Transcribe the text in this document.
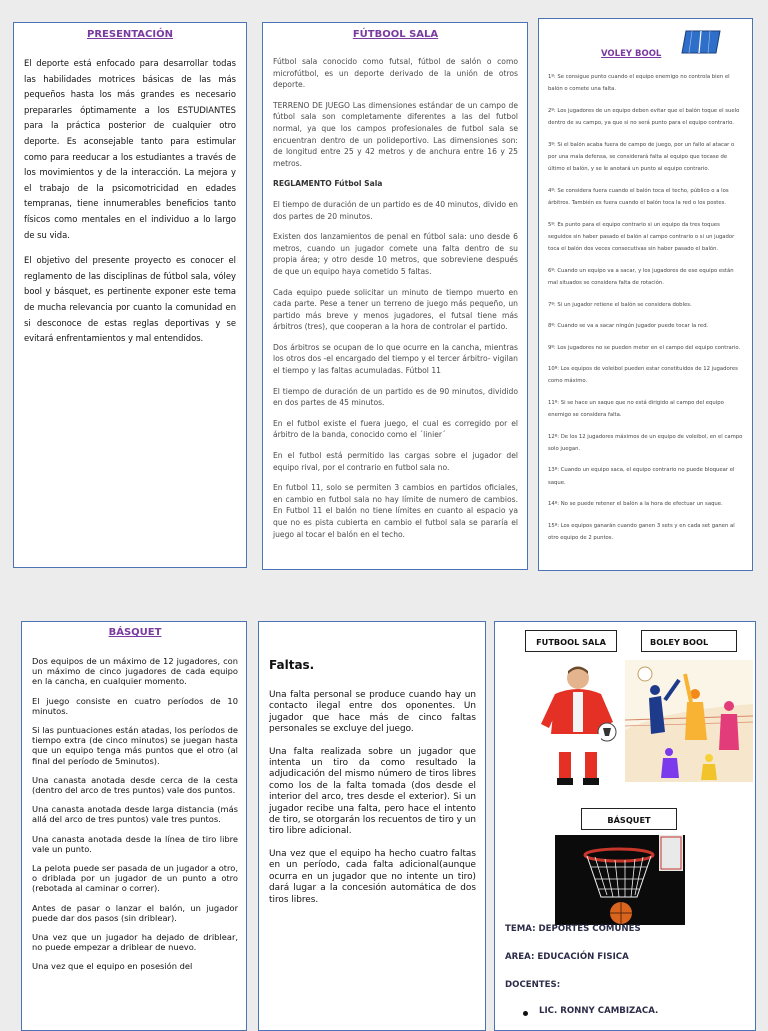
PRESENTACIÓN

El deporte está enfocado para desarrollar todas las habilidades motrices básicas de las más pequeños hasta los más grandes es necesario prepararles óptimamente a los ESTUDIANTES para la práctica posterior de cualquier otro deporte. Es aconsejable tanto para estimular como para reeducar a los estudiantes a través de los movimientos y de la interacción. La mejora y el trabajo de la psicomotricidad en edades tempranas, tiene innumerables beneficios tanto físicos como mentales en el individuo a lo largo de su vida.

El objetivo del presente proyecto es conocer el reglamento de las disciplinas de fútbol sala, vóley bool y básquet, es pertinente exponer este tema de mucha relevancia por cuanto la comunidad en si desconoce de estas reglas deportivas y se evitará enfrentamientos y mal entendidos.

FÚTBOOL SALA

Fútbol sala conocido como futsal, fútbol de salón o como microfútbol, es un deporte derivado de la unión de otros deporte.

TERRENO DE JUEGO Las dimensiones estándar de un campo de fútbol sala son completamente diferentes a las del futbol normal, ya que los campos profesionales de futbol sala se encuentran dentro de un polideportivo. Las dimensiones son: de longitud entre 25 y 42 metros y de anchura entre 16 y 25 metros.

REGLAMENTO Fútbol Sala

El tiempo de duración de un partido es de 40 minutos, divido en dos partes de 20 minutos.

Existen dos lanzamientos de penal en fútbol sala: uno desde 6 metros, cuando un jugador comete una falta dentro de su propia área; y otro desde 10 metros, que sobreviene después de que un equipo haya cometido 5 faltas.

Cada equipo puede solicitar un minuto de tiempo muerto en cada parte. Pese a tener un terreno de juego más pequeño, un partido más breve y menos jugadores, el futsal tiene más árbitros (tres), que cooperan a la hora de controlar el partido.

Dos árbitros se ocupan de lo que ocurre en la cancha, mientras los otros dos -el encargado del tiempo y el tercer árbitro- vigilan el tiempo y las faltas acumuladas. Fútbol 11

El tiempo de duración de un partido es de 90 minutos, dividido en dos partes de 45 minutos.

En el futbol existe el fuera juego, el cual es corregido por el árbitro de la banda, conocido como el ´linier´

En el futbol está permitido las cargas sobre el jugador del equipo rival, por el contrario en futbol sala no.

En futbol 11, solo se permiten 3 cambios en partidos oficiales, en cambio en futbol sala no hay límite de numero de cambios. En Futbol 11 el balón no tiene límites en cuanto al espacio ya que no es pista cubierta en cambio el futbol sala se pararía el juego al tocar el balón en el techo.

VOLEY BOOL

1º: Se consigue punto cuando el equipo enemigo no controla bien el balón o comete una falta.

2º: Los jugadores de un equipo deben evitar que el balón toque el suelo dentro de su campo, ya que si no será punto para el equipo contrario.

3º: Si el balón acaba fuera de campo de juego, por un fallo al atacar o por una mala defensa, se considerará falta al equipo que tocase de último el balón, y se le anotará un punto al equipo contrario.

4º: Se considera fuera cuando el balón toca el techo, público o a los árbitros. También es fuera cuando el balón toca la red o los postes.

5º: Es punto para el equipo contrario si un equipo da tres toques seguidos sin haber pasado el balón al campo contrario o si un jugador toca el balón dos veces consecutivas sin haber pasado el balón.

6º: Cuando un equipo va a sacar, y los jugadores de ese equipo están mal situados se considera falta de rotación.

7º: Si un jugador retiene el balón se considera dobles.

8º: Cuando se va a sacar ningún jugador puede tocar la red.

9º: Los jugadores no se pueden meter en el campo del equipo contrario.

10º: Los equipos de voleibol pueden estar constituidos de 12 jugadores como máximo.

11º: Si se hace un saque que no está dirigido al campo del equipo enemigo se considera falta.

12º: De los 12 jugadores máximos de un equipo de voleibol, en el campo solo juegan.

13º: Cuando un equipo saca, el equipo contrario no puede bloquear el saque.

14º: No se puede retener el balón a la hora de efectuar un saque.

15º: Los equipos ganarán cuando ganen 3 sets y en cada set ganen al otro equipo de 2 puntos.

BÁSQUET

Dos equipos de un máximo de 12 jugadores, con un máximo de cinco jugadores de cada equipo en la cancha, en cualquier momento.

El juego consiste en cuatro períodos de 10 minutos.

Si las puntuaciones están atadas, los períodos de tiempo extra (de cinco minutos) se juegan hasta que un equipo tenga más puntos que el otro (al final del período de 5minutos).

Una canasta anotada desde cerca de la cesta (dentro del arco de tres puntos) vale dos puntos.

Una canasta anotada desde larga distancia (más allá del arco de tres puntos) vale tres puntos.

Una canasta anotada desde la línea de tiro libre vale un punto.

La pelota puede ser pasada de un jugador a otro, o driblada por un jugador de un punto a otro (rebotada al caminar o correr).

Antes de pasar o lanzar el balón, un jugador puede dar dos pasos (sin driblear).

Una vez que un jugador ha dejado de driblear, no puede empezar a driblear de nuevo.

Una vez que el equipo en posesión del

Faltas.

Una falta personal se produce cuando hay un contacto ilegal entre dos oponentes. Un jugador que hace más de cinco faltas personales se excluye del juego.

Una falta realizada sobre un jugador que intenta un tiro da como resultado la adjudicación del mismo número de tiros libres como los de la falta tomada (dos desde el interior del arco, tres desde el exterior). Si un jugador recibe una falta, pero hace el intento de tiro, se otorgarán los recuentos de tiro y un tiro libre adicional.

Una vez que el equipo ha hecho cuatro faltas en un período, cada falta adicional(aunque ocurra en un jugador que no intente un tiro) dará lugar a la concesión automática de dos tiros libres.

FUTBOOL SALA	BOLEY BOOL
BÁSQUET
TEMA: DEPORTES COMUNES
AREA: EDUCACIÓN FISICA
DOCENTES:
LIC. RONNY CAMBIZACA.
